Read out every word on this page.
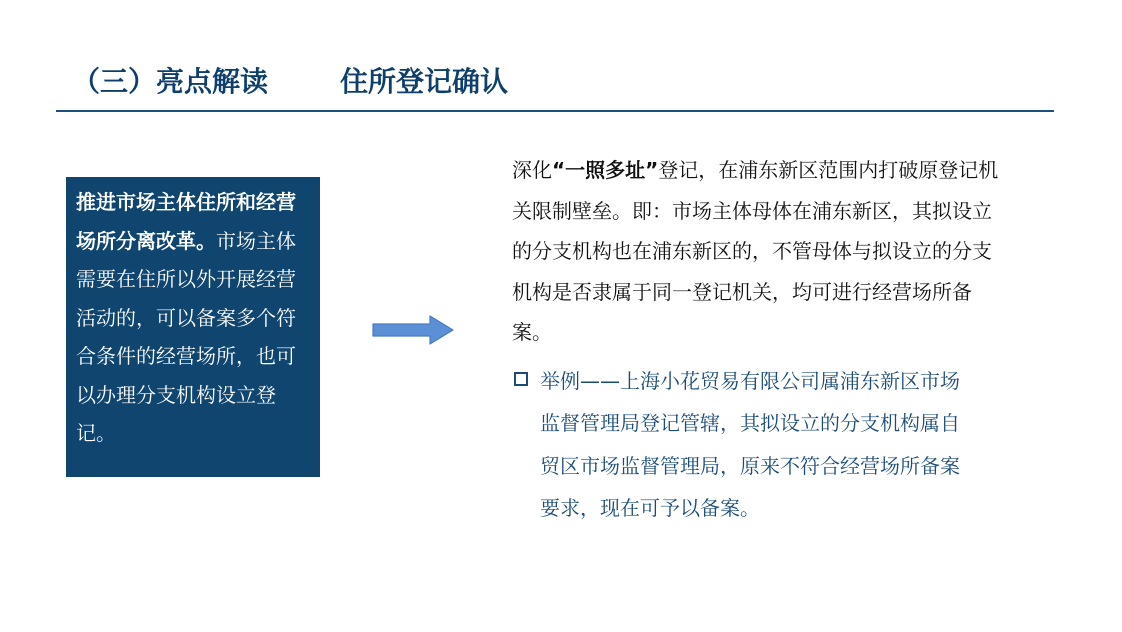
（三）亮点解读	住所登记确认
推进市场主体住所和经营场所分离改革。市场主体需要在住所以外开展经营活动的，可以备案多个符合条件的经营场所，也可以办理分支机构设立登记。
深化“一照多址”登记，在浦东新区范围内打破原登记机关限制壁垒。即：市场主体母体在浦东新区，其拟设立的分支机构也在浦东新区的，不管母体与拟设立的分支机构是否隶属于同一登记机关，均可进行经营场所备案。
举例——上海小花贸易有限公司属浦东新区市场监督管理局登记管辖，其拟设立的分支机构属自贸区市场监督管理局，原来不符合经营场所备案要求，现在可予以备案。
